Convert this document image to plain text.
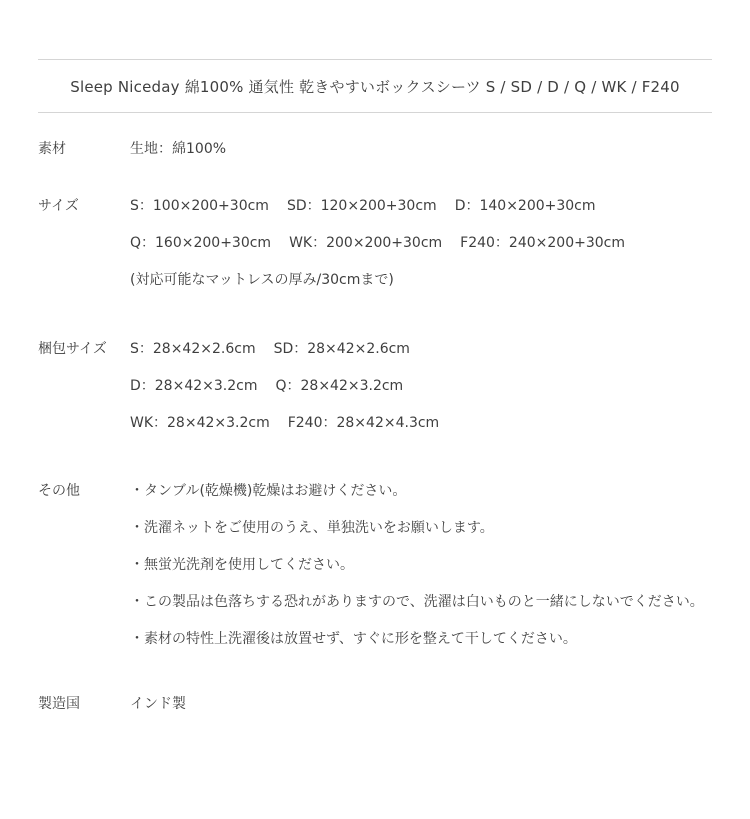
Sleep Niceday 綿100% 通気性 乾きやすいボックスシーツ S / SD / D / Q / WK / F240
素材	生地：綿100%
サイズ	S：100×200+30cm SD：120×200+30cm D：140×200+30cm
Q：160×200+30cm WK：200×200+30cm F240：240×200+30cm
(対応可能なマットレスの厚み/30cmまで)
梱包サイズ	S：28×42×2.6cm SD：28×42×2.6cm
D：28×42×3.2cm Q：28×42×3.2cm
WK：28×42×3.2cm F240：28×42×4.3cm
その他	・タンブル(乾燥機)乾燥はお避けください。
・洗濯ネットをご使用のうえ、単独洗いをお願いします。
・無蛍光洗剤を使用してください。
・この製品は色落ちする恐れがありますので、洗濯は白いものと一緒にしないでください。
・素材の特性上洗濯後は放置せず、すぐに形を整えて干してください。
製造国	インド製
